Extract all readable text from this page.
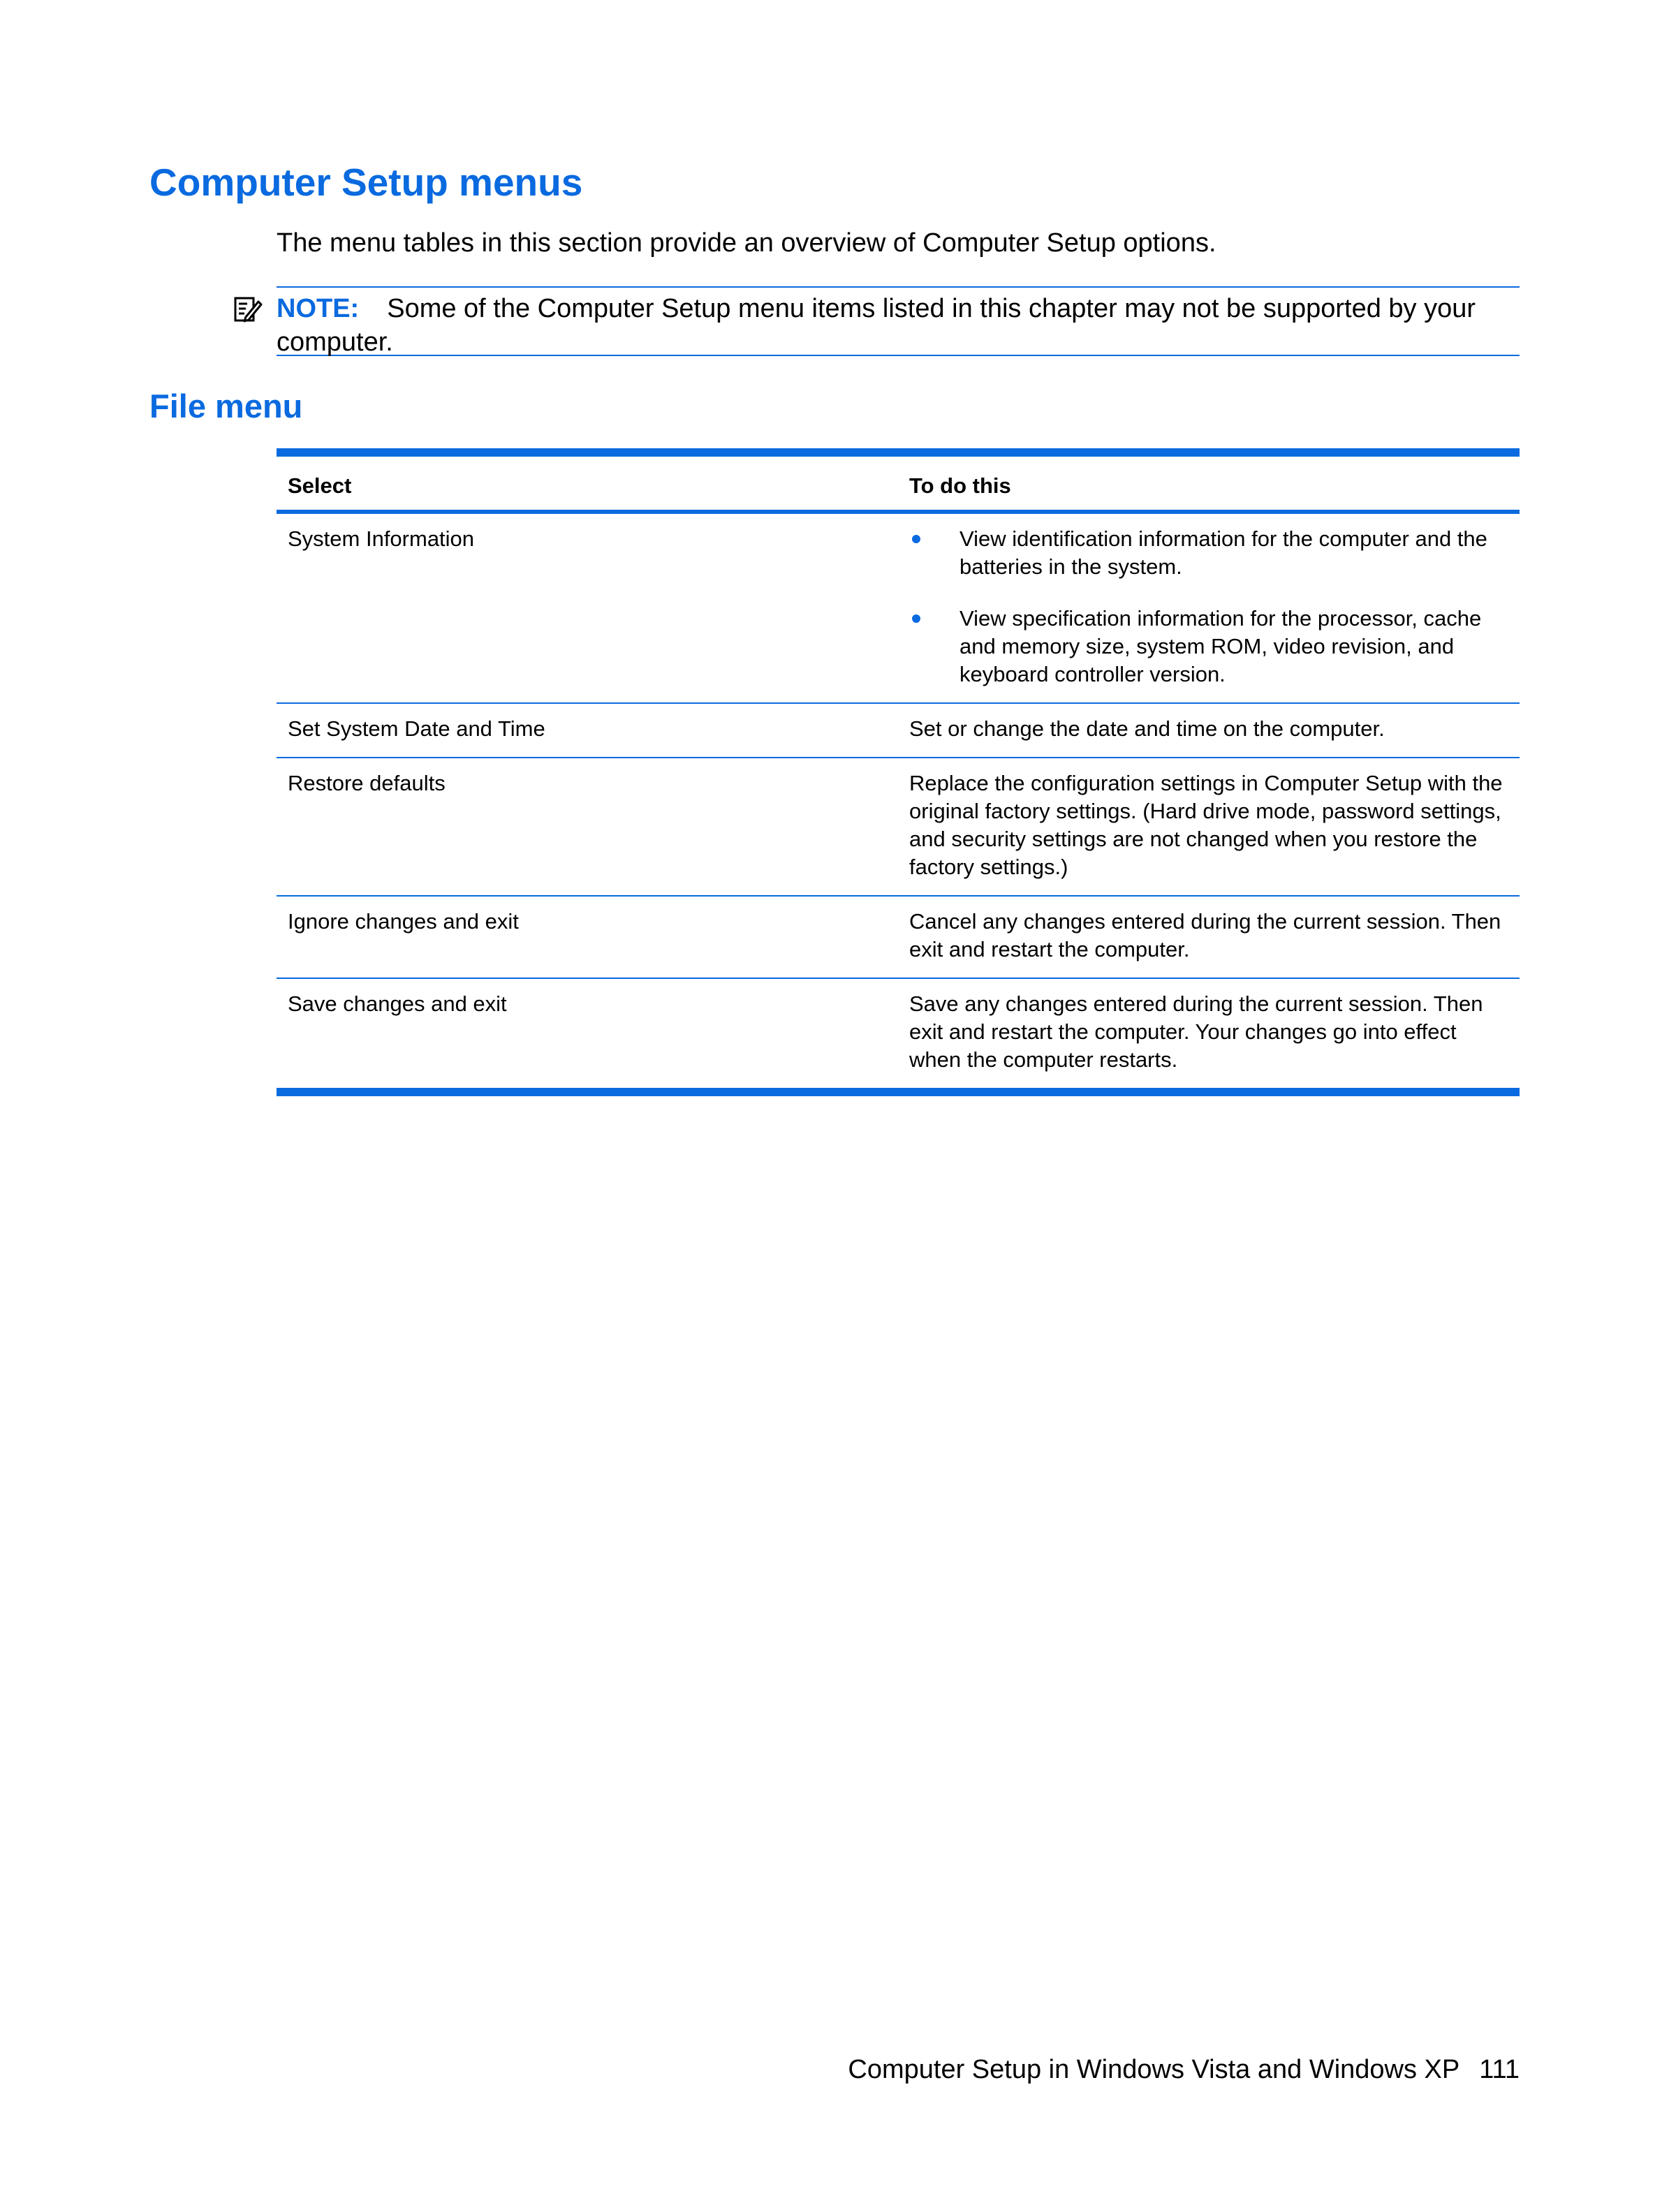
Computer Setup menus

The menu tables in this section provide an overview of Computer Setup options.

NOTE: Some of the Computer Setup menu items listed in this chapter may not be supported by your computer.

File menu
Select	To do this
System Information	View identification information for the computer and the batteries in the system.
View specification information for the processor, cache and memory size, system ROM, video revision, and keyboard controller version.
Set System Date and Time	Set or change the date and time on the computer.
Restore defaults	Replace the configuration settings in Computer Setup with the original factory settings. (Hard drive mode, password settings, and security settings are not changed when you restore the factory settings.)
Ignore changes and exit	Cancel any changes entered during the current session. Then exit and restart the computer.
Save changes and exit	Save any changes entered during the current session. Then exit and restart the computer. Your changes go into effect when the computer restarts.

Computer Setup in Windows Vista and Windows XP 111
